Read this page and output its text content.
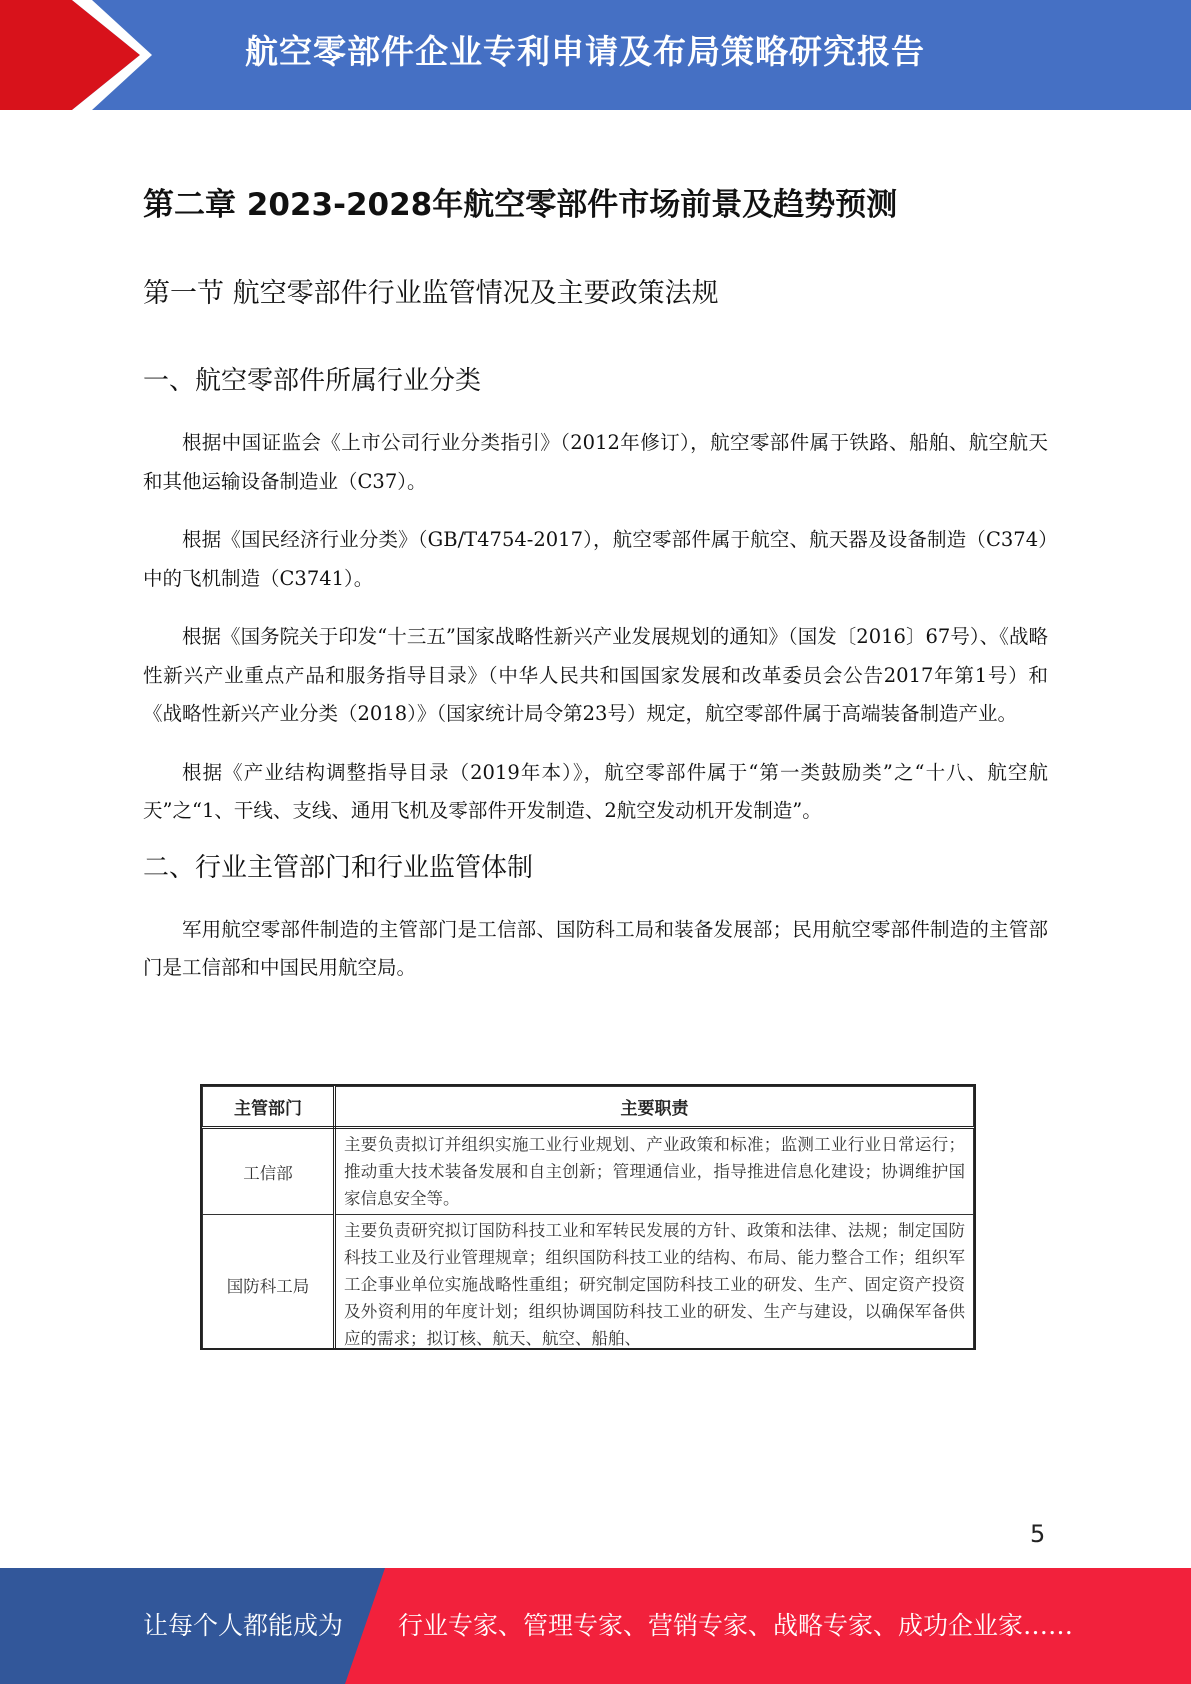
航空零部件企业专利申请及布局策略研究报告
第二章 2023-2028年航空零部件市场前景及趋势预测
第一节 航空零部件行业监管情况及主要政策法规
一、航空零部件所属行业分类

根据中国证监会《上市公司行业分类指引》（2012年修订），航空零部件属于铁路、船舶、航空航天和其他运输设备制造业（C37）。

根据《国民经济行业分类》（GB/T4754-2017），航空零部件属于航空、航天器及设备制造（C374）中的飞机制造（C3741）。

根据《国务院关于印发“十三五”国家战略性新兴产业发展规划的通知》（国发〔2016〕67号）、《战略性新兴产业重点产品和服务指导目录》（中华人民共和国国家发展和改革委员会公告2017年第1号）和《战略性新兴产业分类（2018）》（国家统计局令第23号）规定，航空零部件属于高端装备制造产业。

根据《产业结构调整指导目录（2019年本）》，航空零部件属于“第一类鼓励类”之“十八、航空航天”之“1、干线、支线、通用飞机及零部件开发制造、2航空发动机开发制造”。

二、行业主管部门和行业监管体制

军用航空零部件制造的主管部门是工信部、国防科工局和装备发展部；民用航空零部件制造的主管部门是工信部和中国民用航空局。

主管部门	主要职责
工信部	主要负责拟订并组织实施工业行业规划、产业政策和标准；监测工业行业日常运行；推动重大技术装备发展和自主创新；管理通信业，指导推进信息化建设；协调维护国家信息安全等。
国防科工局	主要负责研究拟订国防科技工业和军转民发展的方针、政策和法律、法规；制定国防科技工业及行业管理规章；组织国防科技工业的结构、布局、能力整合工作；组织军工企事业单位实施战略性重组；研究制定国防科技工业的研发、生产、固定资产投资及外资利用的年度计划；组织协调国防科技工业的研发、生产与建设，以确保军备供应的需求；拟订核、航天、航空、船舶、
5
让每个人都能成为 行业专家、管理专家、营销专家、战略专家、成功企业家……
